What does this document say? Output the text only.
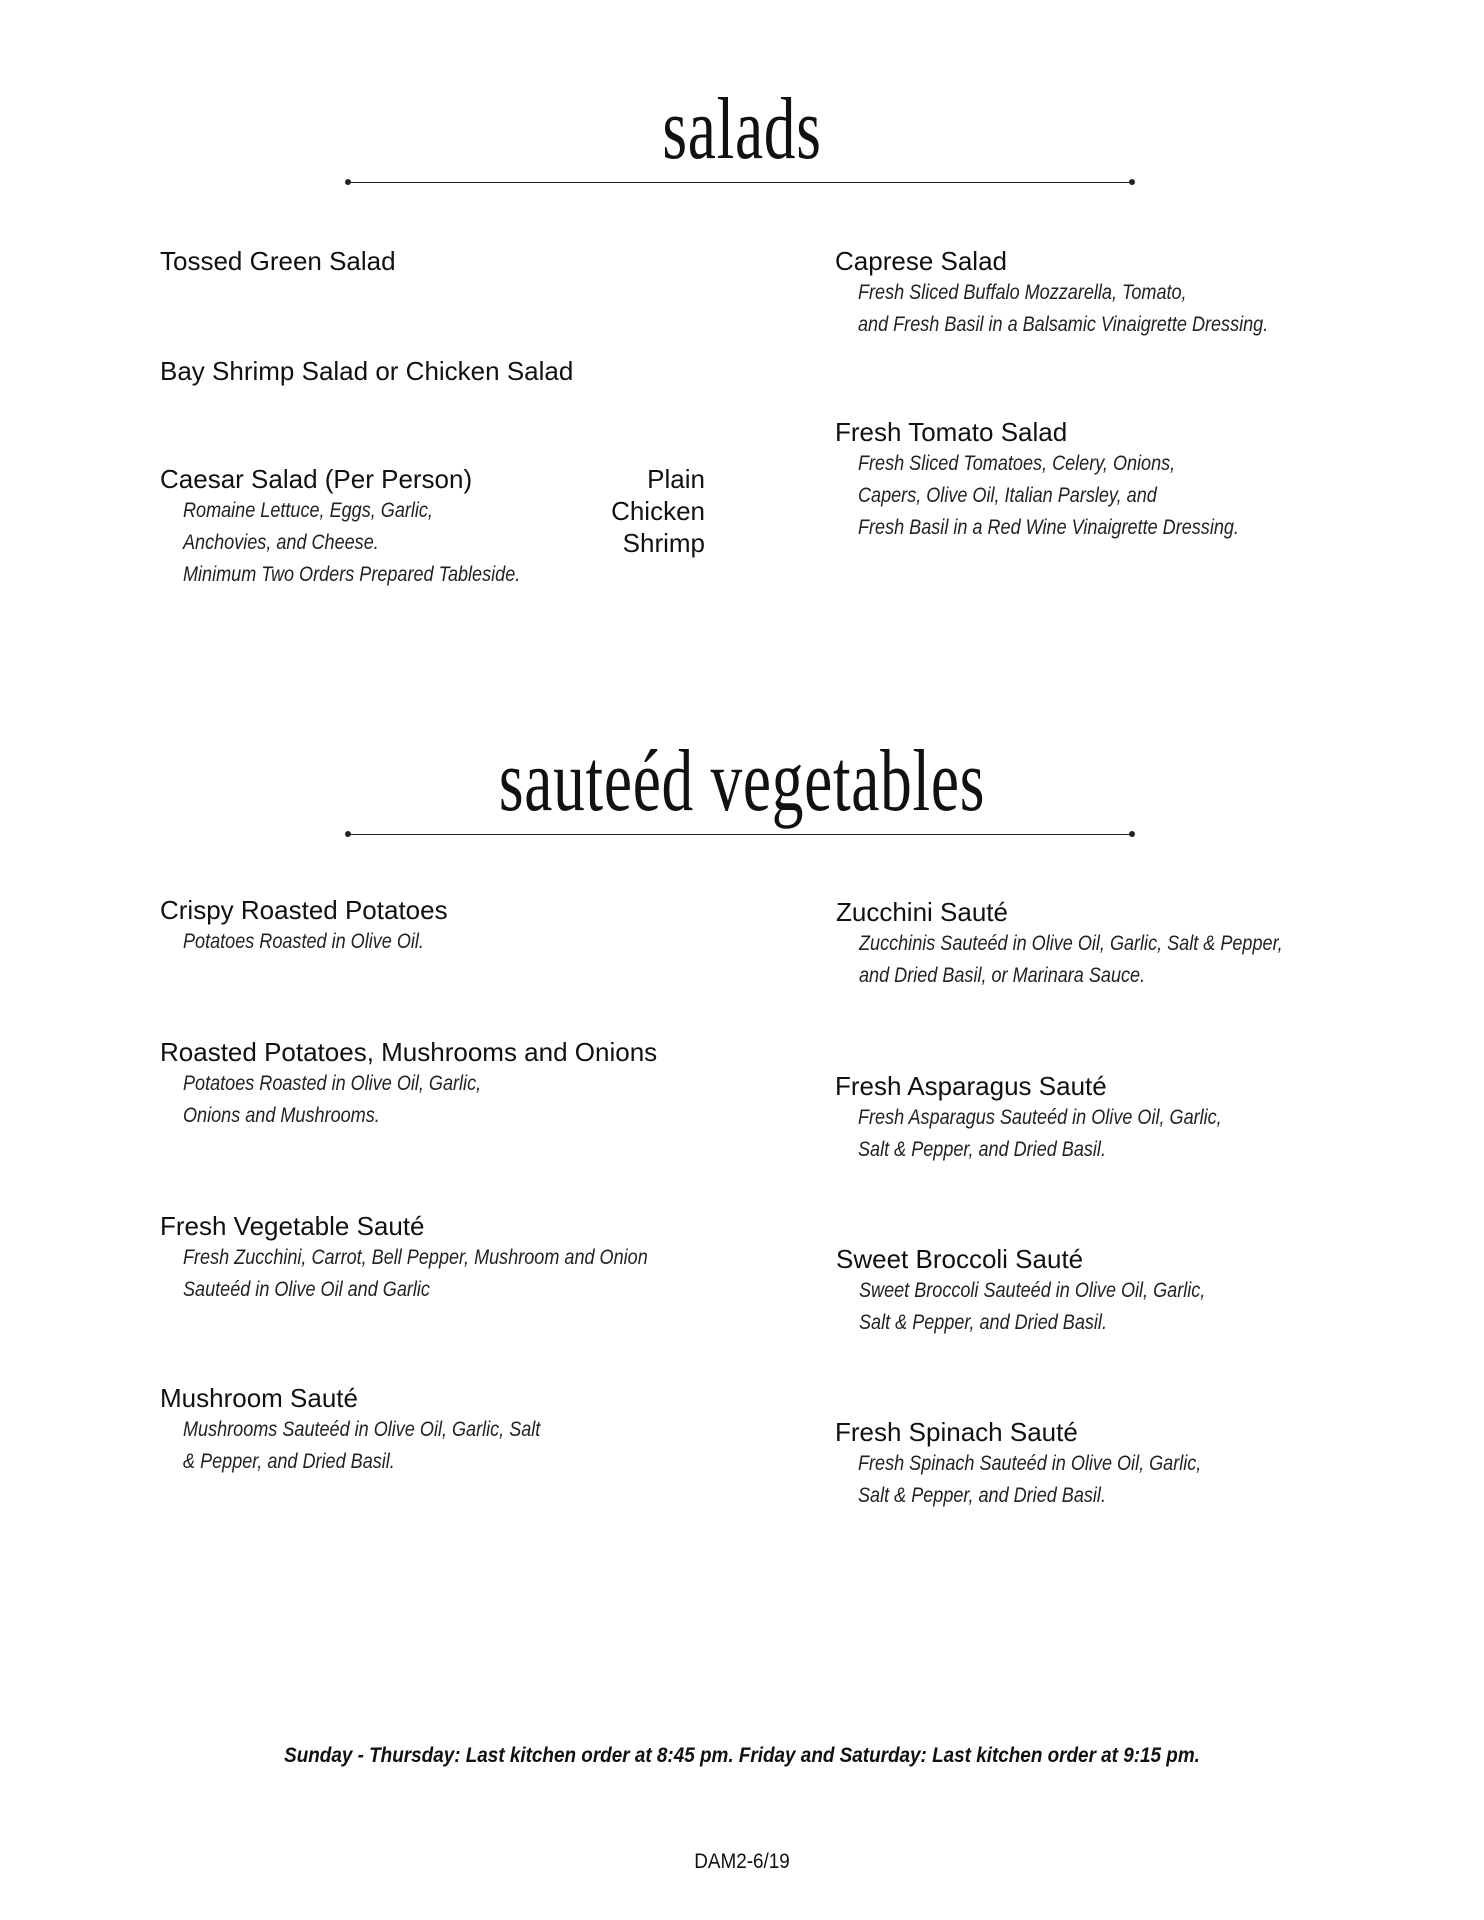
salads
Tossed Green Salad
Bay Shrimp Salad or Chicken Salad
Caesar Salad (Per Person)
Romaine Lettuce, Eggs, Garlic,
Anchovies, and Cheese.
Minimum Two Orders Prepared Tableside.
Plain
Chicken
Shrimp
Caprese Salad
Fresh Sliced Buffalo Mozzarella, Tomato,
and Fresh Basil in a Balsamic Vinaigrette Dressing.
Fresh Tomato Salad
Fresh Sliced Tomatoes, Celery, Onions,
Capers, Olive Oil, Italian Parsley, and
Fresh Basil in a Red Wine Vinaigrette Dressing.
sauteéd vegetables
Crispy Roasted Potatoes
Potatoes Roasted in Olive Oil.
Roasted Potatoes, Mushrooms and Onions
Potatoes Roasted in Olive Oil, Garlic,
Onions and Mushrooms.
Fresh Vegetable Sauté
Fresh Zucchini, Carrot, Bell Pepper, Mushroom and Onion
Sauteéd in Olive Oil and Garlic
Mushroom Sauté
Mushrooms Sauteéd in Olive Oil, Garlic, Salt
& Pepper, and Dried Basil.
Zucchini Sauté
Zucchinis Sauteéd in Olive Oil, Garlic, Salt & Pepper,
and Dried Basil, or Marinara Sauce.
Fresh Asparagus Sauté
Fresh Asparagus Sauteéd in Olive Oil, Garlic,
Salt & Pepper, and Dried Basil.
Sweet Broccoli Sauté
Sweet Broccoli Sauteéd in Olive Oil, Garlic,
Salt & Pepper, and Dried Basil.
Fresh Spinach Sauté
Fresh Spinach Sauteéd in Olive Oil, Garlic,
Salt & Pepper, and Dried Basil.
Sunday - Thursday: Last kitchen order at 8:45 pm. Friday and Saturday: Last kitchen order at 9:15 pm.
DAM2-6/19
